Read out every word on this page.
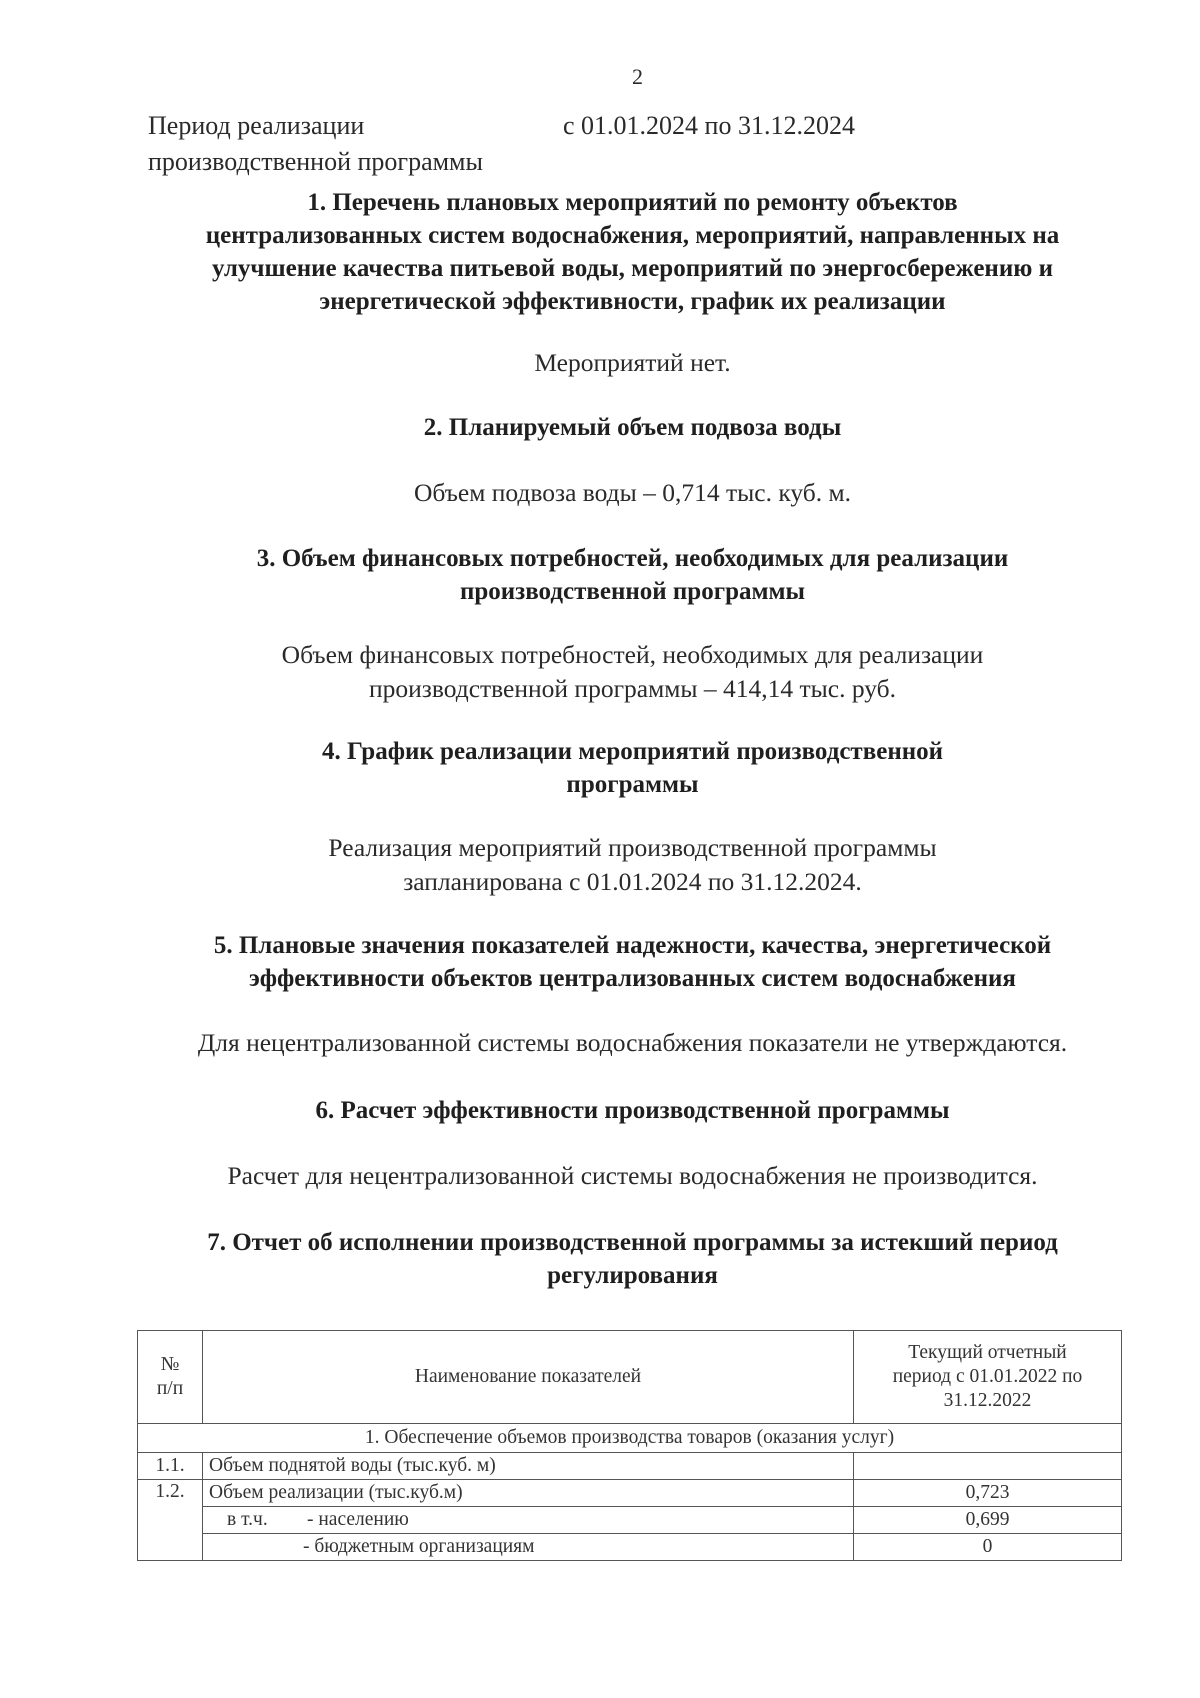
2
Период реализации
производственной программы
с 01.01.2024 по 31.12.2024
1. Перечень плановых мероприятий по ремонту объектов
централизованных систем водоснабжения, мероприятий, направленных на
улучшение качества питьевой воды, мероприятий по энергосбережению и
энергетической эффективности, график их реализации
Мероприятий нет.
2. Планируемый объем подвоза воды
Объем подвоза воды – 0,714 тыс. куб. м.
3. Объем финансовых потребностей, необходимых для реализации
производственной программы
Объем финансовых потребностей, необходимых для реализации
производственной программы – 414,14 тыс. руб.
4. График реализации мероприятий производственной
программы
Реализация мероприятий производственной программы
запланирована с 01.01.2024 по 31.12.2024.
5. Плановые значения показателей надежности, качества, энергетической
эффективности объектов централизованных систем водоснабжения
Для нецентрализованной системы водоснабжения показатели не утверждаются.
6. Расчет эффективности производственной программы
Расчет для нецентрализованной системы водоснабжения не производится.
7. Отчет об исполнении производственной программы за истекший период
регулирования
№
п/п	Наименование показателей	Текущий отчетный
период с 01.01.2022 по
31.12.2022

1. Обеспечение объемов производства товаров (оказания услуг)		
1.1.	Объем поднятой воды (тыс.куб. м)	
1.2.	Объем реализации (тыс.куб.м)	0,723
	в т.ч. - населению	0,699
	- бюджетным организациям	0
